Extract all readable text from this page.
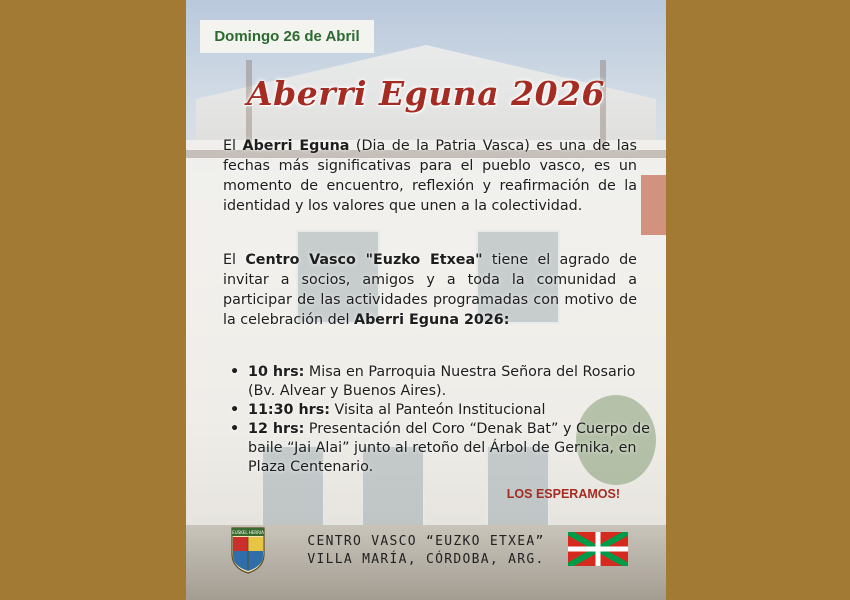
Domingo 26 de Abril
Aberri Eguna 2026

El Aberri Eguna (Dia de la Patria Vasca) es una de las fechas más significativas para el pueblo vasco, es un momento de encuentro, reflexión y reafirmación de la identidad y los valores que unen a la colectividad.

El Centro Vasco "Euzko Etxea" tiene el agrado de invitar a socios, amigos y a toda la comunidad a participar de las actividades programadas con motivo de la celebración del Aberri Eguna 2026:

• 10 hrs: Misa en Parroquia Nuestra Señora del Rosario (Bv. Alvear y Buenos Aires).
• 11:30 hrs: Visita al Panteón Institucional
• 12 hrs: Presentación del Coro “Denak Bat” y Cuerpo de baile “Jai Alai” junto al retoño del Árbol de Gernika, en Plaza Centenario.
LOS ESPERAMOS!
EUSKEL HERRIA
CENTRO VASCO “EUZKO ETXEA”
VILLA MARÍA, CÓRDOBA, ARG.
